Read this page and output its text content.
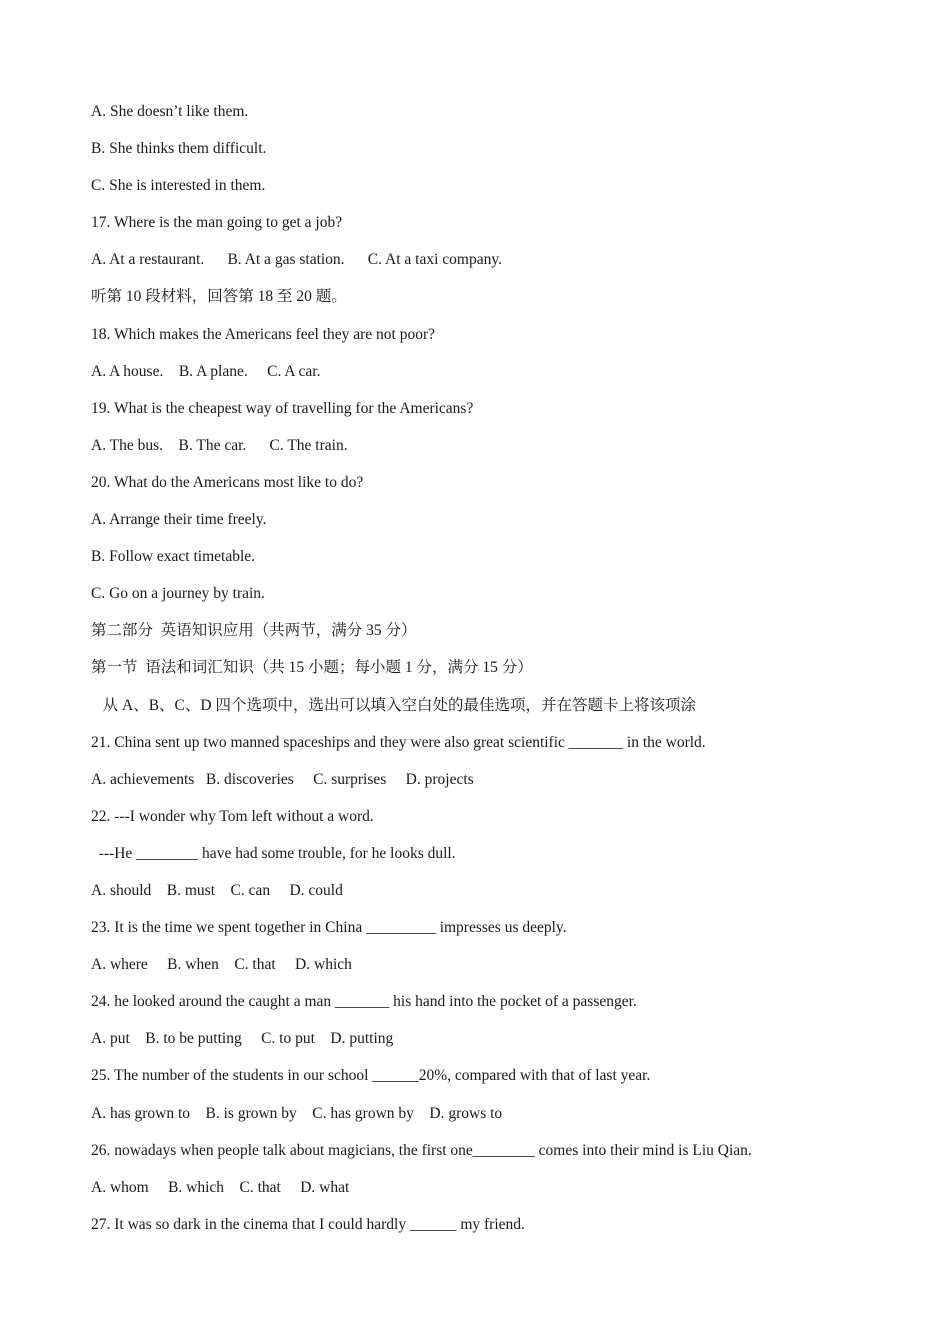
A. She doesn’t like them.
B. She thinks them difficult.
C. She is interested in them.
17. Where is the man going to get a job?
A. At a restaurant.      B. At a gas station.      C. At a taxi company.
听第 10 段材料，回答第 18 至 20 题。
18. Which makes the Americans feel they are not poor?
A. A house.    B. A plane.     C. A car.
19. What is the cheapest way of travelling for the Americans?
A. The bus.    B. The car.      C. The train.
20. What do the Americans most like to do?
A. Arrange their time freely.
B. Follow exact timetable.
C. Go on a journey by train.
第二部分  英语知识应用（共两节，满分 35 分）
第一节  语法和词汇知识（共 15 小题；每小题 1 分，满分 15 分）
从 A、B、C、D 四个选项中，选出可以填入空白处的最佳选项，并在答题卡上将该项涂
21. China sent up two manned spaceships and they were also great scientific _______ in the world.
A. achievements   B. discoveries     C. surprises     D. projects
22. ---I wonder why Tom left without a word.
---He ________ have had some trouble, for he looks dull.
A. should    B. must    C. can     D. could
23. It is the time we spent together in China _________ impresses us deeply.
A. where     B. when    C. that     D. which
24. he looked around the caught a man _______ his hand into the pocket of a passenger.
A. put    B. to be putting     C. to put    D. putting
25. The number of the students in our school ______20%, compared with that of last year.
A. has grown to    B. is grown by    C. has grown by    D. grows to
26. nowadays when people talk about magicians, the first one________ comes into their mind is Liu Qian.
A. whom     B. which    C. that     D. what
27. It was so dark in the cinema that I could hardly ______ my friend.
